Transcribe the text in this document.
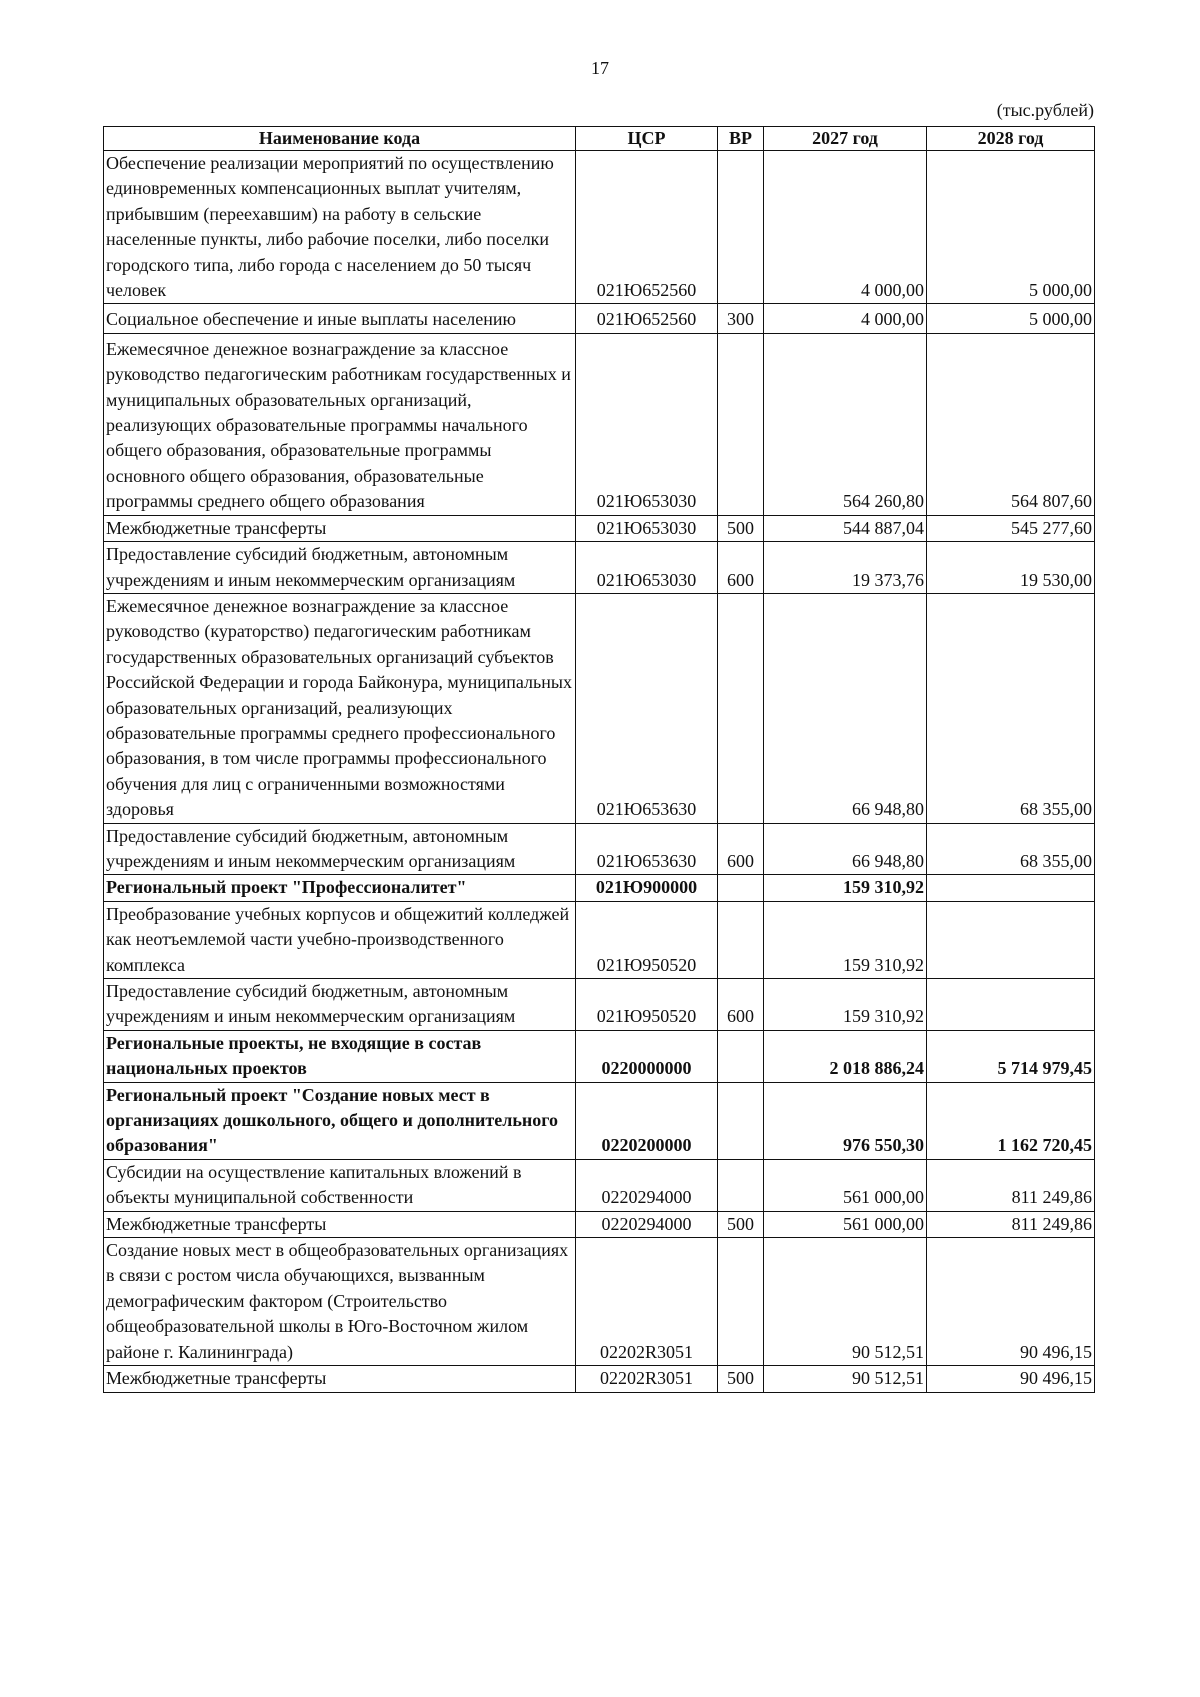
17
(тыс.рублей)
Наименование кода	ЦСР	ВР	2027 год	2028 год
Обеспечение реализации мероприятий по осуществлению единовременных компенсационных выплат учителям, прибывшим (переехавшим) на работу в сельские населенные пункты, либо рабочие поселки, либо поселки городского типа, либо города с населением до 50 тысяч человек	021Ю652560		4 000,00	5 000,00
Социальное обеспечение и иные выплаты населению	021Ю652560	300	4 000,00	5 000,00
Ежемесячное денежное вознаграждение за классное руководство педагогическим работникам государственных и муниципальных образовательных организаций, реализующих образовательные программы начального общего образования, образовательные программы основного общего образования, образовательные программы среднего общего образования	021Ю653030		564 260,80	564 807,60
Межбюджетные трансферты	021Ю653030	500	544 887,04	545 277,60
Предоставление субсидий бюджетным, автономным учреждениям и иным некоммерческим организациям	021Ю653030	600	19 373,76	19 530,00
Ежемесячное денежное вознаграждение за классное руководство (кураторство) педагогическим работникам государственных образовательных организаций субъектов Российской Федерации и города Байконура, муниципальных образовательных организаций, реализующих образовательные программы среднего профессионального образования, в том числе программы профессионального обучения для лиц с ограниченными возможностями здоровья	021Ю653630		66 948,80	68 355,00
Предоставление субсидий бюджетным, автономным учреждениям и иным некоммерческим организациям	021Ю653630	600	66 948,80	68 355,00
Региональный проект "Профессионалитет"	021Ю900000		159 310,92	
Преобразование учебных корпусов и общежитий колледжей как неотъемлемой части учебно-производственного комплекса	021Ю950520		159 310,92	
Предоставление субсидий бюджетным, автономным учреждениям и иным некоммерческим организациям	021Ю950520	600	159 310,92	
Региональные проекты, не входящие в состав национальных проектов	0220000000		2 018 886,24	5 714 979,45
Региональный проект "Создание новых мест в организациях дошкольного, общего и дополнительного образования"	0220200000		976 550,30	1 162 720,45
Субсидии на осуществление капитальных вложений в объекты муниципальной собственности	0220294000		561 000,00	811 249,86
Межбюджетные трансферты	0220294000	500	561 000,00	811 249,86
Создание новых мест в общеобразовательных организациях в связи с ростом числа обучающихся, вызванным демографическим фактором (Строительство общеобразовательной школы в Юго-Восточном жилом районе г. Калининграда)	02202R3051		90 512,51	90 496,15
Межбюджетные трансферты	02202R3051	500	90 512,51	90 496,15
